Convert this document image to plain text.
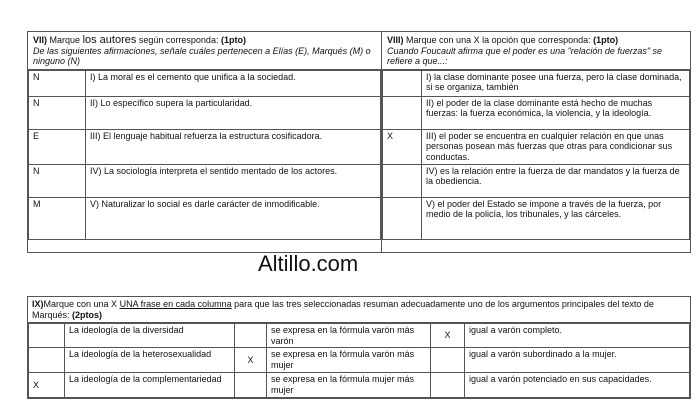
VII) Marque los autores según corresponda: (1pto)
De las siguientes afirmaciones, señale cuáles pertenecen a Elías (E), Marqués (M) o ninguno (N)
N	I) La moral es el cemento que unifica a la sociedad.
N	II) Lo específico supera la particularidad.
E	III) El lenguaje habitual refuerza la estructura cosificadora.
N	IV) La sociología interpreta el sentido mentado de los actores.
M	V) Naturalizar lo social es darle carácter de inmodificable.
VIII) Marque con una X la opción que corresponda: (1pto)
Cuando Foucault afirma que el poder es una "relación de fuerzas" se refiere a que...:
	I) la clase dominante posee una fuerza, pero la clase dominada, si se organiza, también
	II) el poder de la clase dominante está hecho de muchas fuerzas: la fuerza económica, la violencia, y la ideología.
X	III) el poder se encuentra en cualquier relación en que unas personas posean más fuerzas que otras para condicionar sus conductas.
	IV) es la relación entre la fuerza de dar mandatos y la fuerza de la obediencia.
	V) el poder del Estado se impone a través de la fuerza, por medio de la policía, los tribunales, y las cárceles.
Altillo.com
IX)Marque con una X UNA frase en cada columna para que las tres seleccionadas resuman adecuadamente uno de los argumentos principales del texto de Marqués: (2ptos)
	La ideología de la diversidad		se expresa en la fórmula varón más varón	X	igual a varón completo.
	La ideología de la heterosexualidad	X	se expresa en la fórmula varón más mujer		igual a varón subordinado a la mujer.
X	La ideología de la complementariedad		se expresa en la fórmula mujer más mujer		igual a varón potenciado en sus capacidades.
